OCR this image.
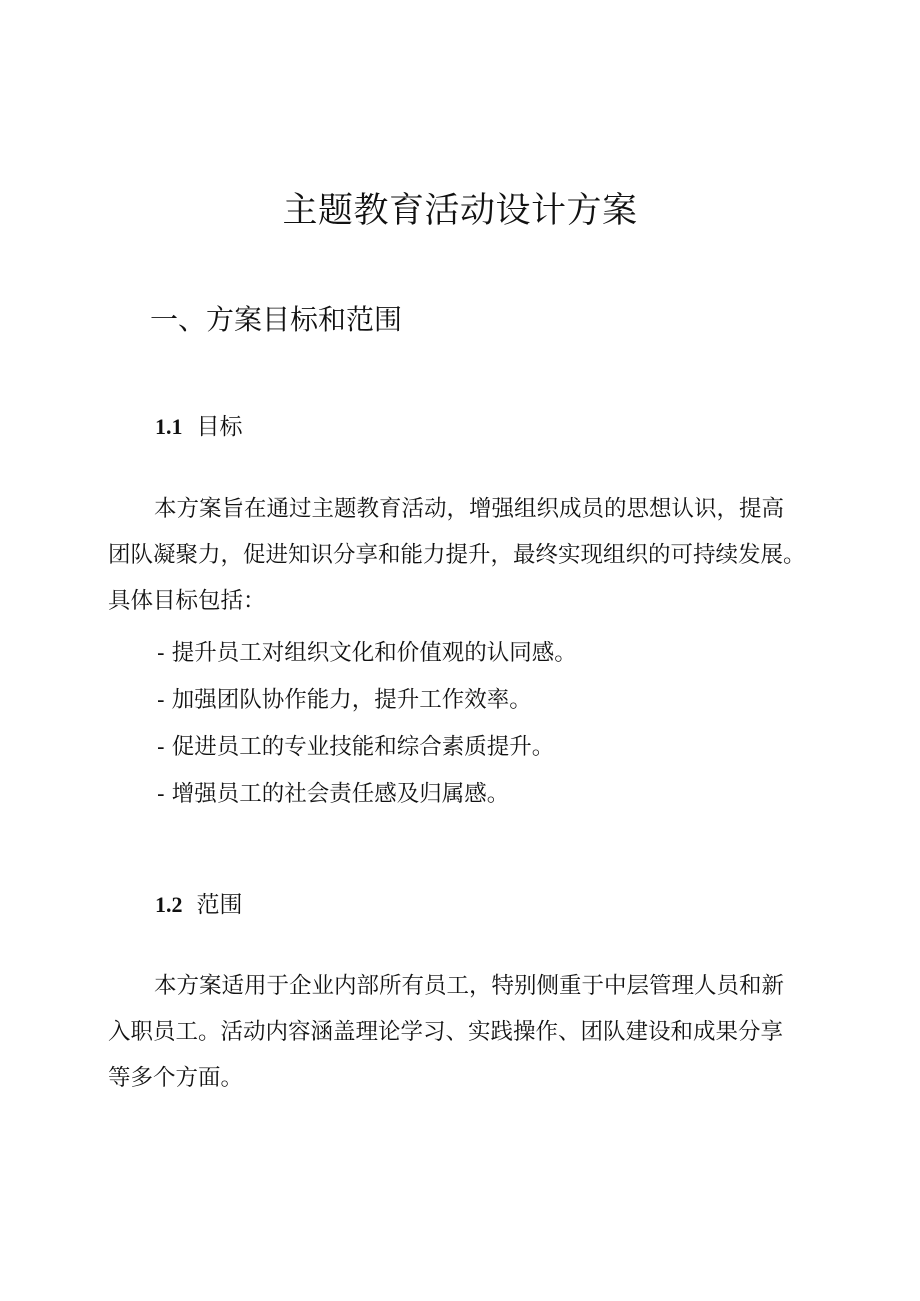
主题教育活动设计方案
一、方案目标和范围
1.1 目标

本方案旨在通过主题教育活动，增强组织成员的思想认识，提高
团队凝聚力，促进知识分享和能力提升，最终实现组织的可持续发展。
具体目标包括：

- 提升员工对组织文化和价值观的认同感。
- 加强团队协作能力，提升工作效率。
- 促进员工的专业技能和综合素质提升。
- 增强员工的社会责任感及归属感。
1.2 范围

本方案适用于企业内部所有员工，特别侧重于中层管理人员和新
入职员工。活动内容涵盖理论学习、实践操作、团队建设和成果分享
等多个方面。
